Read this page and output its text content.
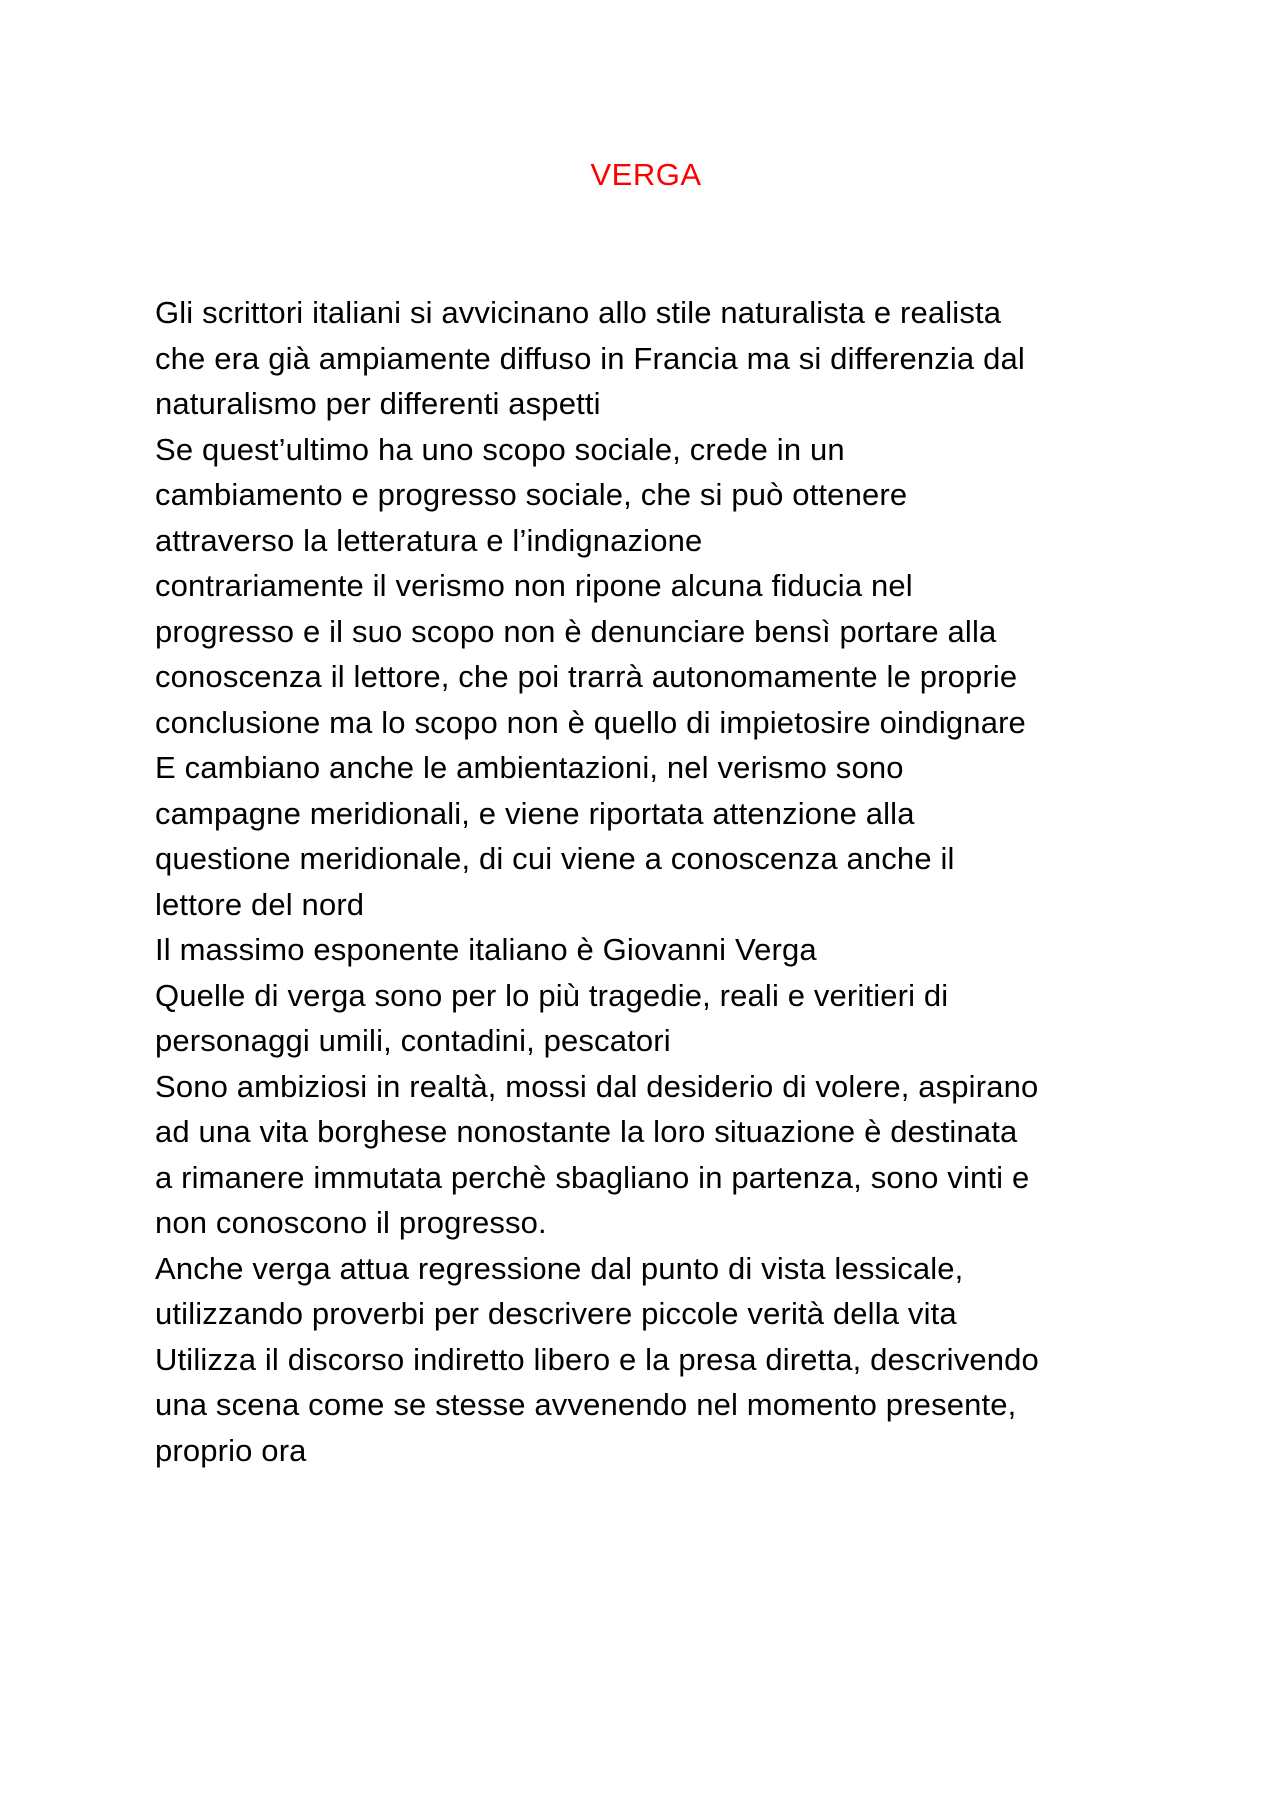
VERGA
Gli scrittori italiani si avvicinano allo stile naturalista e realista
che era già ampiamente diffuso in Francia ma si differenzia dal
naturalismo per differenti aspetti
Se quest’ultimo ha uno scopo sociale, crede in un
cambiamento e progresso sociale, che si può ottenere
attraverso la letteratura e l’indignazione
contrariamente il verismo non ripone alcuna fiducia nel
progresso e il suo scopo non è denunciare bensì portare alla
conoscenza il lettore, che poi trarrà autonomamente le proprie
conclusione ma lo scopo non è quello di impietosire oindignare
E cambiano anche le ambientazioni, nel verismo sono
campagne meridionali, e viene riportata attenzione alla
questione meridionale, di cui viene a conoscenza anche il
lettore del nord
Il massimo esponente italiano è Giovanni Verga
Quelle di verga sono per lo più tragedie, reali e veritieri di
personaggi umili, contadini, pescatori
Sono ambiziosi in realtà, mossi dal desiderio di volere, aspirano
ad una vita borghese nonostante la loro situazione è destinata
a rimanere immutata perchè sbagliano in partenza, sono vinti e
non conoscono il progresso.
Anche verga attua regressione dal punto di vista lessicale,
utilizzando proverbi per descrivere piccole verità della vita
Utilizza il discorso indiretto libero e la presa diretta, descrivendo
una scena come se stesse avvenendo nel momento presente,
proprio ora
